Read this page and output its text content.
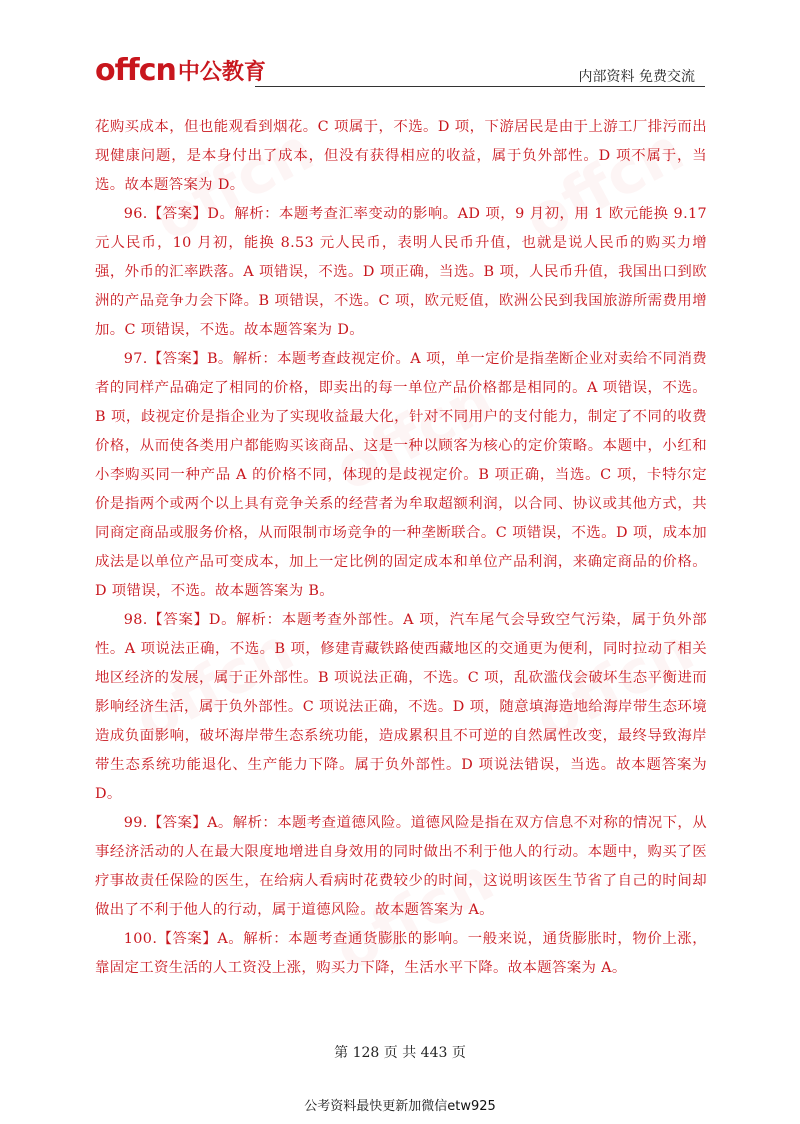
offcn 中公教育	内部资料 免费交流

花购买成本，但也能观看到烟花。C 项属于，不选。D 项，下游居民是由于上游工厂排污而出现健康问题，是本身付出了成本，但没有获得相应的收益，属于负外部性。D 项不属于，当选。故本题答案为 D。

96.【答案】D。解析：本题考查汇率变动的影响。AD 项，9 月初，用 1 欧元能换 9.17 元人民币，10 月初，能换 8.53 元人民币，表明人民币升值，也就是说人民币的购买力增强，外币的汇率跌落。A 项错误，不选。D 项正确，当选。B 项，人民币升值，我国出口到欧洲的产品竞争力会下降。B 项错误，不选。C 项，欧元贬值，欧洲公民到我国旅游所需费用增加。C 项错误，不选。故本题答案为 D。

97.【答案】B。解析：本题考查歧视定价。A 项，单一定价是指垄断企业对卖给不同消费者的同样产品确定了相同的价格，即卖出的每一单位产品价格都是相同的。A 项错误，不选。B 项，歧视定价是指企业为了实现收益最大化，针对不同用户的支付能力，制定了不同的收费价格，从而使各类用户都能购买该商品、这是一种以顾客为核心的定价策略。本题中，小红和小李购买同一种产品 A 的价格不同，体现的是歧视定价。B 项正确，当选。C 项，卡特尔定价是指两个或两个以上具有竞争关系的经营者为牟取超额利润，以合同、协议或其他方式，共同商定商品或服务价格，从而限制市场竞争的一种垄断联合。C 项错误，不选。D 项，成本加成法是以单位产品可变成本，加上一定比例的固定成本和单位产品利润，来确定商品的价格。D 项错误，不选。故本题答案为 B。

98.【答案】D。解析：本题考查外部性。A 项，汽车尾气会导致空气污染，属于负外部性。A 项说法正确，不选。B 项，修建青藏铁路使西藏地区的交通更为便利，同时拉动了相关地区经济的发展，属于正外部性。B 项说法正确，不选。C 项，乱砍滥伐会破坏生态平衡进而影响经济生活，属于负外部性。C 项说法正确，不选。D 项，随意填海造地给海岸带生态环境造成负面影响，破坏海岸带生态系统功能，造成累积且不可逆的自然属性改变，最终导致海岸带生态系统功能退化、生产能力下降。属于负外部性。D 项说法错误，当选。故本题答案为 D。

99.【答案】A。解析：本题考查道德风险。道德风险是指在双方信息不对称的情况下，从事经济活动的人在最大限度地增进自身效用的同时做出不利于他人的行动。本题中，购买了医疗事故责任保险的医生，在给病人看病时花费较少的时间，这说明该医生节省了自己的时间却做出了不利于他人的行动，属于道德风险。故本题答案为 A。

100.【答案】A。解析：本题考查通货膨胀的影响。一般来说，通货膨胀时，物价上涨，靠固定工资生活的人工资没上涨，购买力下降，生活水平下降。故本题答案为 A。

第 128 页 共 443 页
公考资料最快更新加微信etw925
